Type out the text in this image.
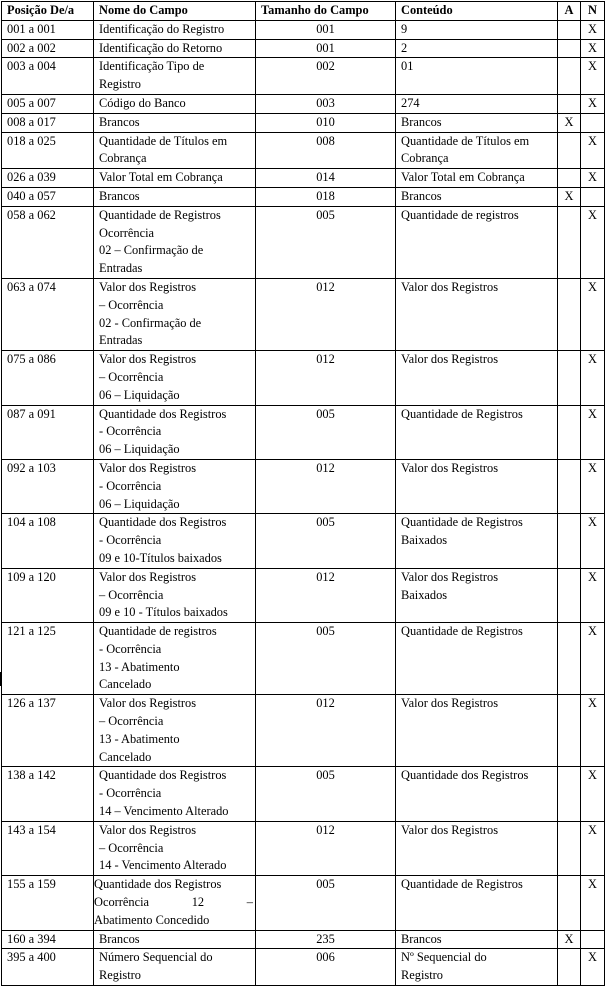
Posição De/a	Nome do Campo	Tamanho do Campo	Conteúdo	A	N
001 a 001	Identificação do Registro	001	9		X
002 a 002	Identificação do Retorno	001	2		X
003 a 004	Identificação Tipo de
Registro	002	01		X
005 a 007	Código do Banco	003	274		X
008 a 017	Brancos	010	Brancos	X	
018 a 025	Quantidade de Títulos em
Cobrança	008	Quantidade de Títulos em
Cobrança		X
026 a 039	Valor Total em Cobrança	014	Valor Total em Cobrança		X
040 a 057	Brancos	018	Brancos	X	
058 a 062	Quantidade de Registros
Ocorrência
02 – Confirmação de
Entradas	005	Quantidade de registros		X
063 a 074	Valor dos Registros
– Ocorrência
02 - Confirmação de
Entradas	012	Valor dos Registros		X
075 a 086	Valor dos Registros
– Ocorrência
06 – Liquidação	012	Valor dos Registros		X
087 a 091	Quantidade dos Registros
- Ocorrência
06 – Liquidação	005	Quantidade de Registros		X
092 a 103	Valor dos Registros
- Ocorrência
06 – Liquidação	012	Valor dos Registros		X
104 a 108	Quantidade dos Registros
- Ocorrência
09 e 10-Títulos baixados	005	Quantidade de Registros
Baixados		X
109 a 120	Valor dos Registros
– Ocorrência
09 e 10 - Títulos baixados	012	Valor dos Registros
Baixados		X
121 a 125	Quantidade de registros
- Ocorrência
13 - Abatimento
Cancelado	005	Quantidade de Registros		X
126 a 137	Valor dos Registros
– Ocorrência
13 - Abatimento
Cancelado	012	Valor dos Registros		X
138 a 142	Quantidade dos Registros
- Ocorrência
14 – Vencimento Alterado	005	Quantidade dos Registros		X
143 a 154	Valor dos Registros
– Ocorrência
14 - Vencimento Alterado	012	Valor dos Registros		X
155 a 159	Quantidade dos Registros
Ocorrência 12 –
Abatimento Concedido	005	Quantidade de Registros		X
160 a 394	Brancos	235	Brancos	X	
395 a 400	Número Sequencial do
Registro	006	Nº Sequencial do
Registro		X
